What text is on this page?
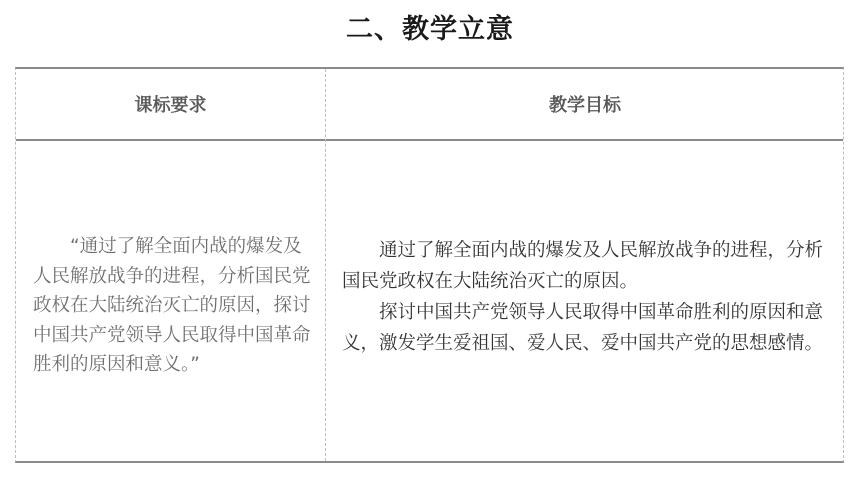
二、教学立意
课标要求	教学目标

“通过了解全面内战的爆发及人民解放战争的进程，分析国民党政权在大陆统治灭亡的原因，探讨中国共产党领导人民取得中国革命胜利的原因和意义。”

通过了解全面内战的爆发及人民解放战争的进程，分析国民党政权在大陆统治灭亡的原因。

探讨中国共产党领导人民取得中国革命胜利的原因和意义，激发学生爱祖国、爱人民、爱中国共产党的思想感情。
